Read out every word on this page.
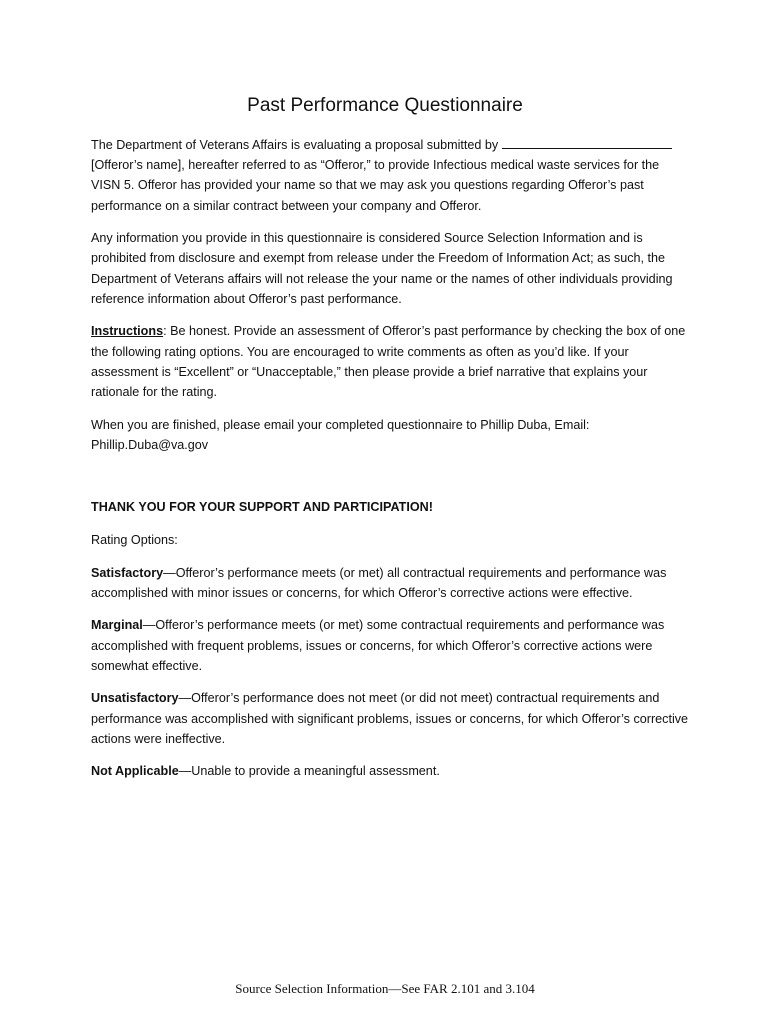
Past Performance Questionnaire

The Department of Veterans Affairs is evaluating a proposal submitted by
[Offeror’s name], hereafter referred to as “Offeror,” to provide Infectious medical waste services for the VISN 5. Offeror has provided your name so that we may ask you questions regarding Offeror’s past performance on a similar contract between your company and Offeror.

Any information you provide in this questionnaire is considered Source Selection Information and is prohibited from disclosure and exempt from release under the Freedom of Information Act; as such, the Department of Veterans affairs will not release the your name or the names of other individuals providing reference information about Offeror’s past performance.

Instructions: Be honest. Provide an assessment of Offeror’s past performance by checking the box of one the following rating options. You are encouraged to write comments as often as you’d like. If your assessment is “Excellent” or “Unacceptable,” then please provide a brief narrative that explains your rationale for the rating.

When you are finished, please email your completed questionnaire to Phillip Duba, Email:
Phillip.Duba@va.gov

THANK YOU FOR YOUR SUPPORT AND PARTICIPATION!

Rating Options:

Satisfactory—Offeror’s performance meets (or met) all contractual requirements and performance was accomplished with minor issues or concerns, for which Offeror’s corrective actions were effective.

Marginal—Offeror’s performance meets (or met) some contractual requirements and performance was accomplished with frequent problems, issues or concerns, for which Offeror’s corrective actions were somewhat effective.

Unsatisfactory—Offeror’s performance does not meet (or did not meet) contractual requirements and performance was accomplished with significant problems, issues or concerns, for which Offeror’s corrective actions were ineffective.

Not Applicable—Unable to provide a meaningful assessment.

Source Selection Information—See FAR 2.101 and 3.104
